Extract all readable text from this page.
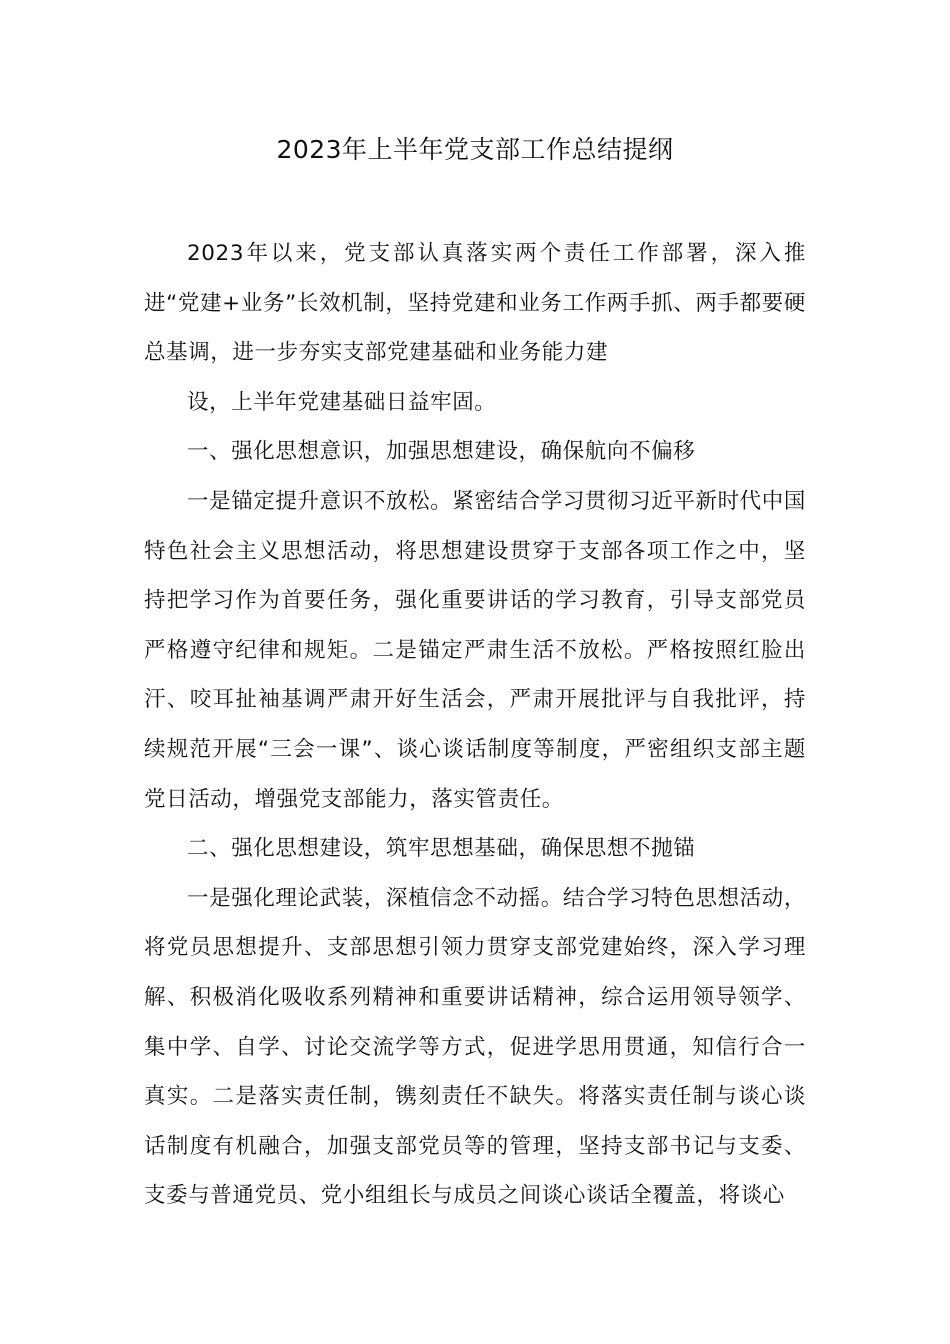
2023年上半年党支部工作总结提纲

2023年以来，党支部认真落实两个责任工作部署，深入推进“党建+业务”长效机制，坚持党建和业务工作两手抓、两手都要硬总基调，进一步夯实支部党建基础和业务能力建

设，上半年党建基础日益牢固。

一、强化思想意识，加强思想建设，确保航向不偏移

一是锚定提升意识不放松。紧密结合学习贯彻习近平新时代中国特色社会主义思想活动，将思想建设贯穿于支部各项工作之中，坚持把学习作为首要任务，强化重要讲话的学习教育，引导支部党员严格遵守纪律和规矩。二是锚定严肃生活不放松。严格按照红脸出汗、咬耳扯袖基调严肃开好生活会，严肃开展批评与自我批评，持续规范开展“三会一课”、谈心谈话制度等制度，严密组织支部主题党日活动，增强党支部能力，落实管责任。

二、强化思想建设，筑牢思想基础，确保思想不抛锚

一是强化理论武装，深植信念不动摇。结合学习特色思想活动，将党员思想提升、支部思想引领力贯穿支部党建始终，深入学习理解、积极消化吸收系列精神和重要讲话精神，综合运用领导领学、集中学、自学、讨论交流学等方式，促进学思用贯通，知信行合一真实。二是落实责任制，镌刻责任不缺失。将落实责任制与谈心谈话制度有机融合，加强支部党员等的管理，坚持支部书记与支委、支委与普通党员、党小组组长与成员之间谈心谈话全覆盖，将谈心
